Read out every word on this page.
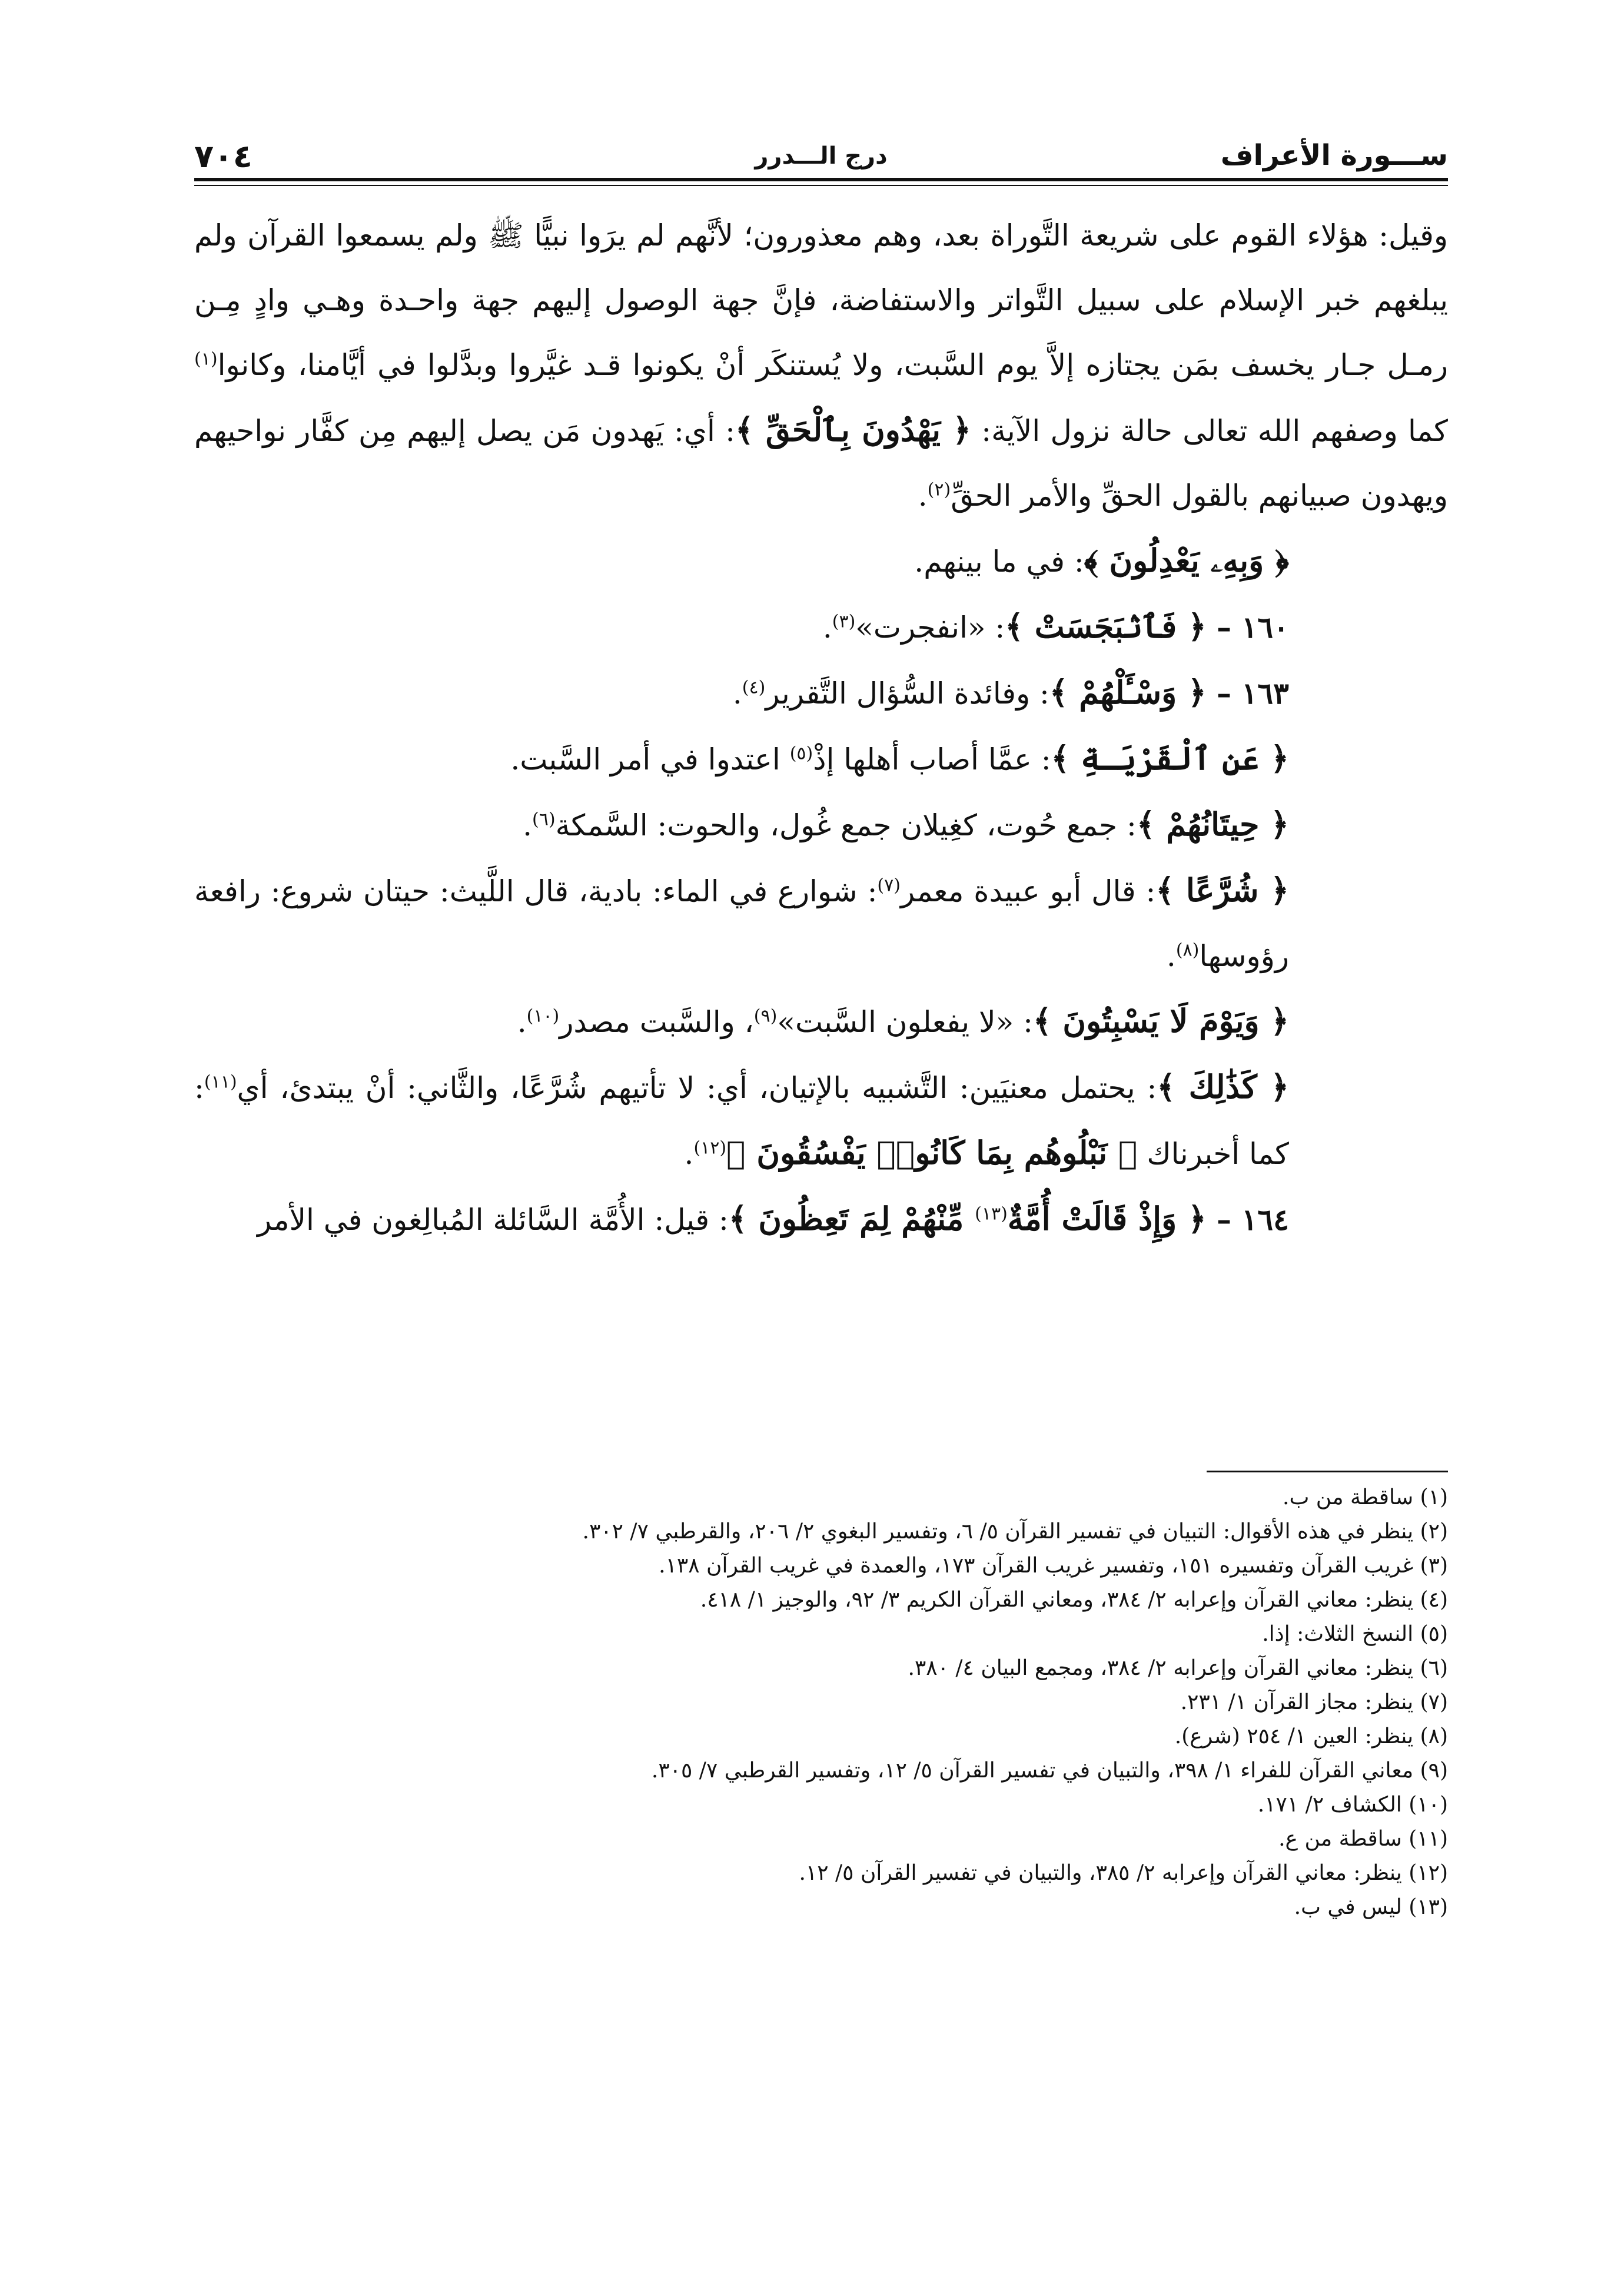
ســـورة الأعراف
درج الـــدرر
٧٠٤

وقيل: هؤلاء القوم على شريعة التَّوراة بعد، وهم معذورون؛ لأنَّهم لم يرَوا نبيًّا ﷺ ولم يسمعوا القرآن ولم يبلغهم خبر الإسلام على سبيل التَّواتر والاستفاضة، فإنَّ جهة الوصول إليهم جهة واحـدة وهـي وادٍ مِـن رمـل جـار يخسف بمَن يجتازه إلاَّ يوم السَّبت، ولا يُستنكَر أنْ يكونوا قـد غيَّروا وبدَّلوا في أيَّامنا، وكانوا$^{(١)}$ كما وصفهم الله تعالى حالة نزول الآية: ﴿ يَهْدُونَ بِٱلْحَقِّ ﴾: أي: يَهدون مَن يصل إليهم مِن كفَّار نواحيهم ويهدون صبيانهم بالقول الحقِّ والأمر الحقِّ$^{(٢)}$.

﴿ وَبِهِۦ يَعْدِلُونَ ﴾: في ما بينهم.

١٦٠ – ﴿ فَٱنۢبَجَسَتْ ﴾: «انفجرت»$^{(٣)}$.

١٦٣ – ﴿ وَسْـَٔلْهُمْ ﴾: وفائدة السُّؤال التَّقرير$^{(٤)}$.

﴿ عَنِ ٱلْقَرْيَـةِ ﴾: عمَّا أصاب أهلها إذْ$^{(٥)}$ اعتدوا في أمر السَّبت.

﴿ حِيتَانُهُمْ ﴾: جمع حُوت، كغِيلان جمع غُول، والحوت: السَّمكة$^{(٦)}$.

﴿ شُرَّعًا ﴾: قال أبو عبيدة معمر$^{(٧)}$: شوارع في الماء: بادية، قال اللَّيث: حيتان شروع: رافعة رؤوسها$^{(٨)}$.

﴿ وَيَوْمَ لَا يَسْبِتُونَ ﴾: «لا يفعلون السَّبت»$^{(٩)}$، والسَّبت مصدر$^{(١٠)}$.

﴿ كَذَٰلِكَ ﴾: يحتمل معنيَين: التَّشبيه بالإتيان، أي: لا تأتيهم شُرَّعًا، والثَّاني: أنْ يبتدئ، أي$^{(١١)}$: كما أخبرناك ﴿ نَبْلُوهُم بِمَا كَانُوا۟ يَفْسُقُونَ ﴾$^{(١٢)}$.

١٦٤ – ﴿ وَإِذْ قَالَتْ أُمَّةٌ$^{(١٣)}$ مِّنْهُمْ لِمَ تَعِظُونَ ﴾: قيل: الأُمَّة السَّائلة المُبالِغون في الأمر

(١) ساقطة من ب.
(٢) ينظر في هذه الأقوال: التبيان في تفسير القرآن ٥/ ٦، وتفسير البغوي ٢/ ٢٠٦، والقرطبي ٧/ ٣٠٢.
(٣) غريب القرآن وتفسيره ١٥١، وتفسير غريب القرآن ١٧٣، والعمدة في غريب القرآن ١٣٨.
(٤) ينظر: معاني القرآن وإعرابه ٢/ ٣٨٤، ومعاني القرآن الكريم ٣/ ٩٢، والوجيز ١/ ٤١٨.
(٥) النسخ الثلاث: إذا.
(٦) ينظر: معاني القرآن وإعرابه ٢/ ٣٨٤، ومجمع البيان ٤/ ٣٨٠.
(٧) ينظر: مجاز القرآن ١/ ٢٣١.
(٨) ينظر: العين ١/ ٢٥٤ (شرع).
(٩) معاني القرآن للفراء ١/ ٣٩٨، والتبيان في تفسير القرآن ٥/ ١٢، وتفسير القرطبي ٧/ ٣٠٥.
(١٠) الكشاف ٢/ ١٧١.
(١١) ساقطة من ع.
(١٢) ينظر: معاني القرآن وإعرابه ٢/ ٣٨٥، والتبيان في تفسير القرآن ٥/ ١٢.
(١٣) ليس في ب.
